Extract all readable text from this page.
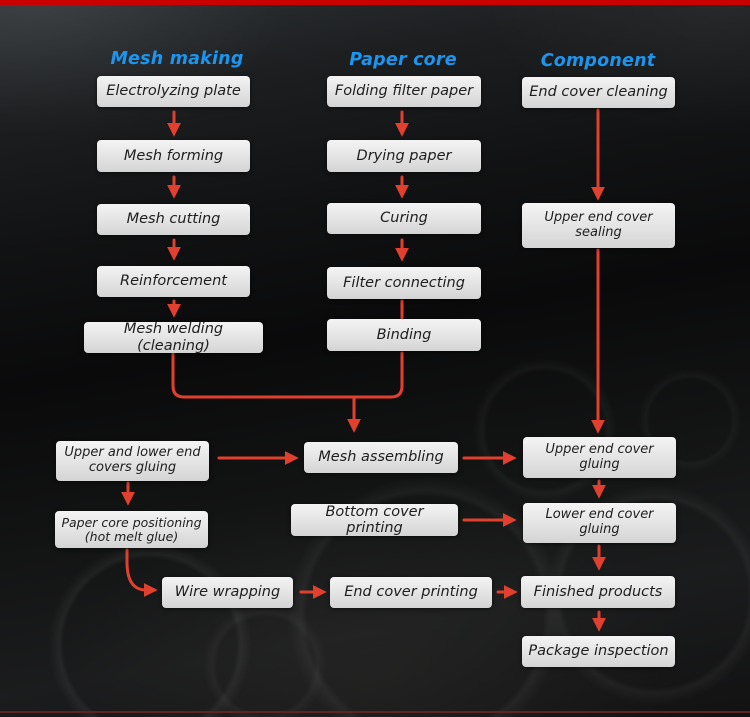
Mesh making	Paper core	Component
Electrolyzing plate
Mesh forming
Mesh cutting
Reinforcement
Mesh welding (cleaning)
Folding filter paper
Drying paper
Curing
Filter connecting
Binding
End cover cleaning
Upper end cover sealing
Upper and lower end covers gluing
Mesh assembling	Upper end cover gluing
Paper core positioning (hot melt glue)
Bottom cover printing
Lower end cover gluing
Wire wrapping	End cover printing	Finished products
Package inspection
